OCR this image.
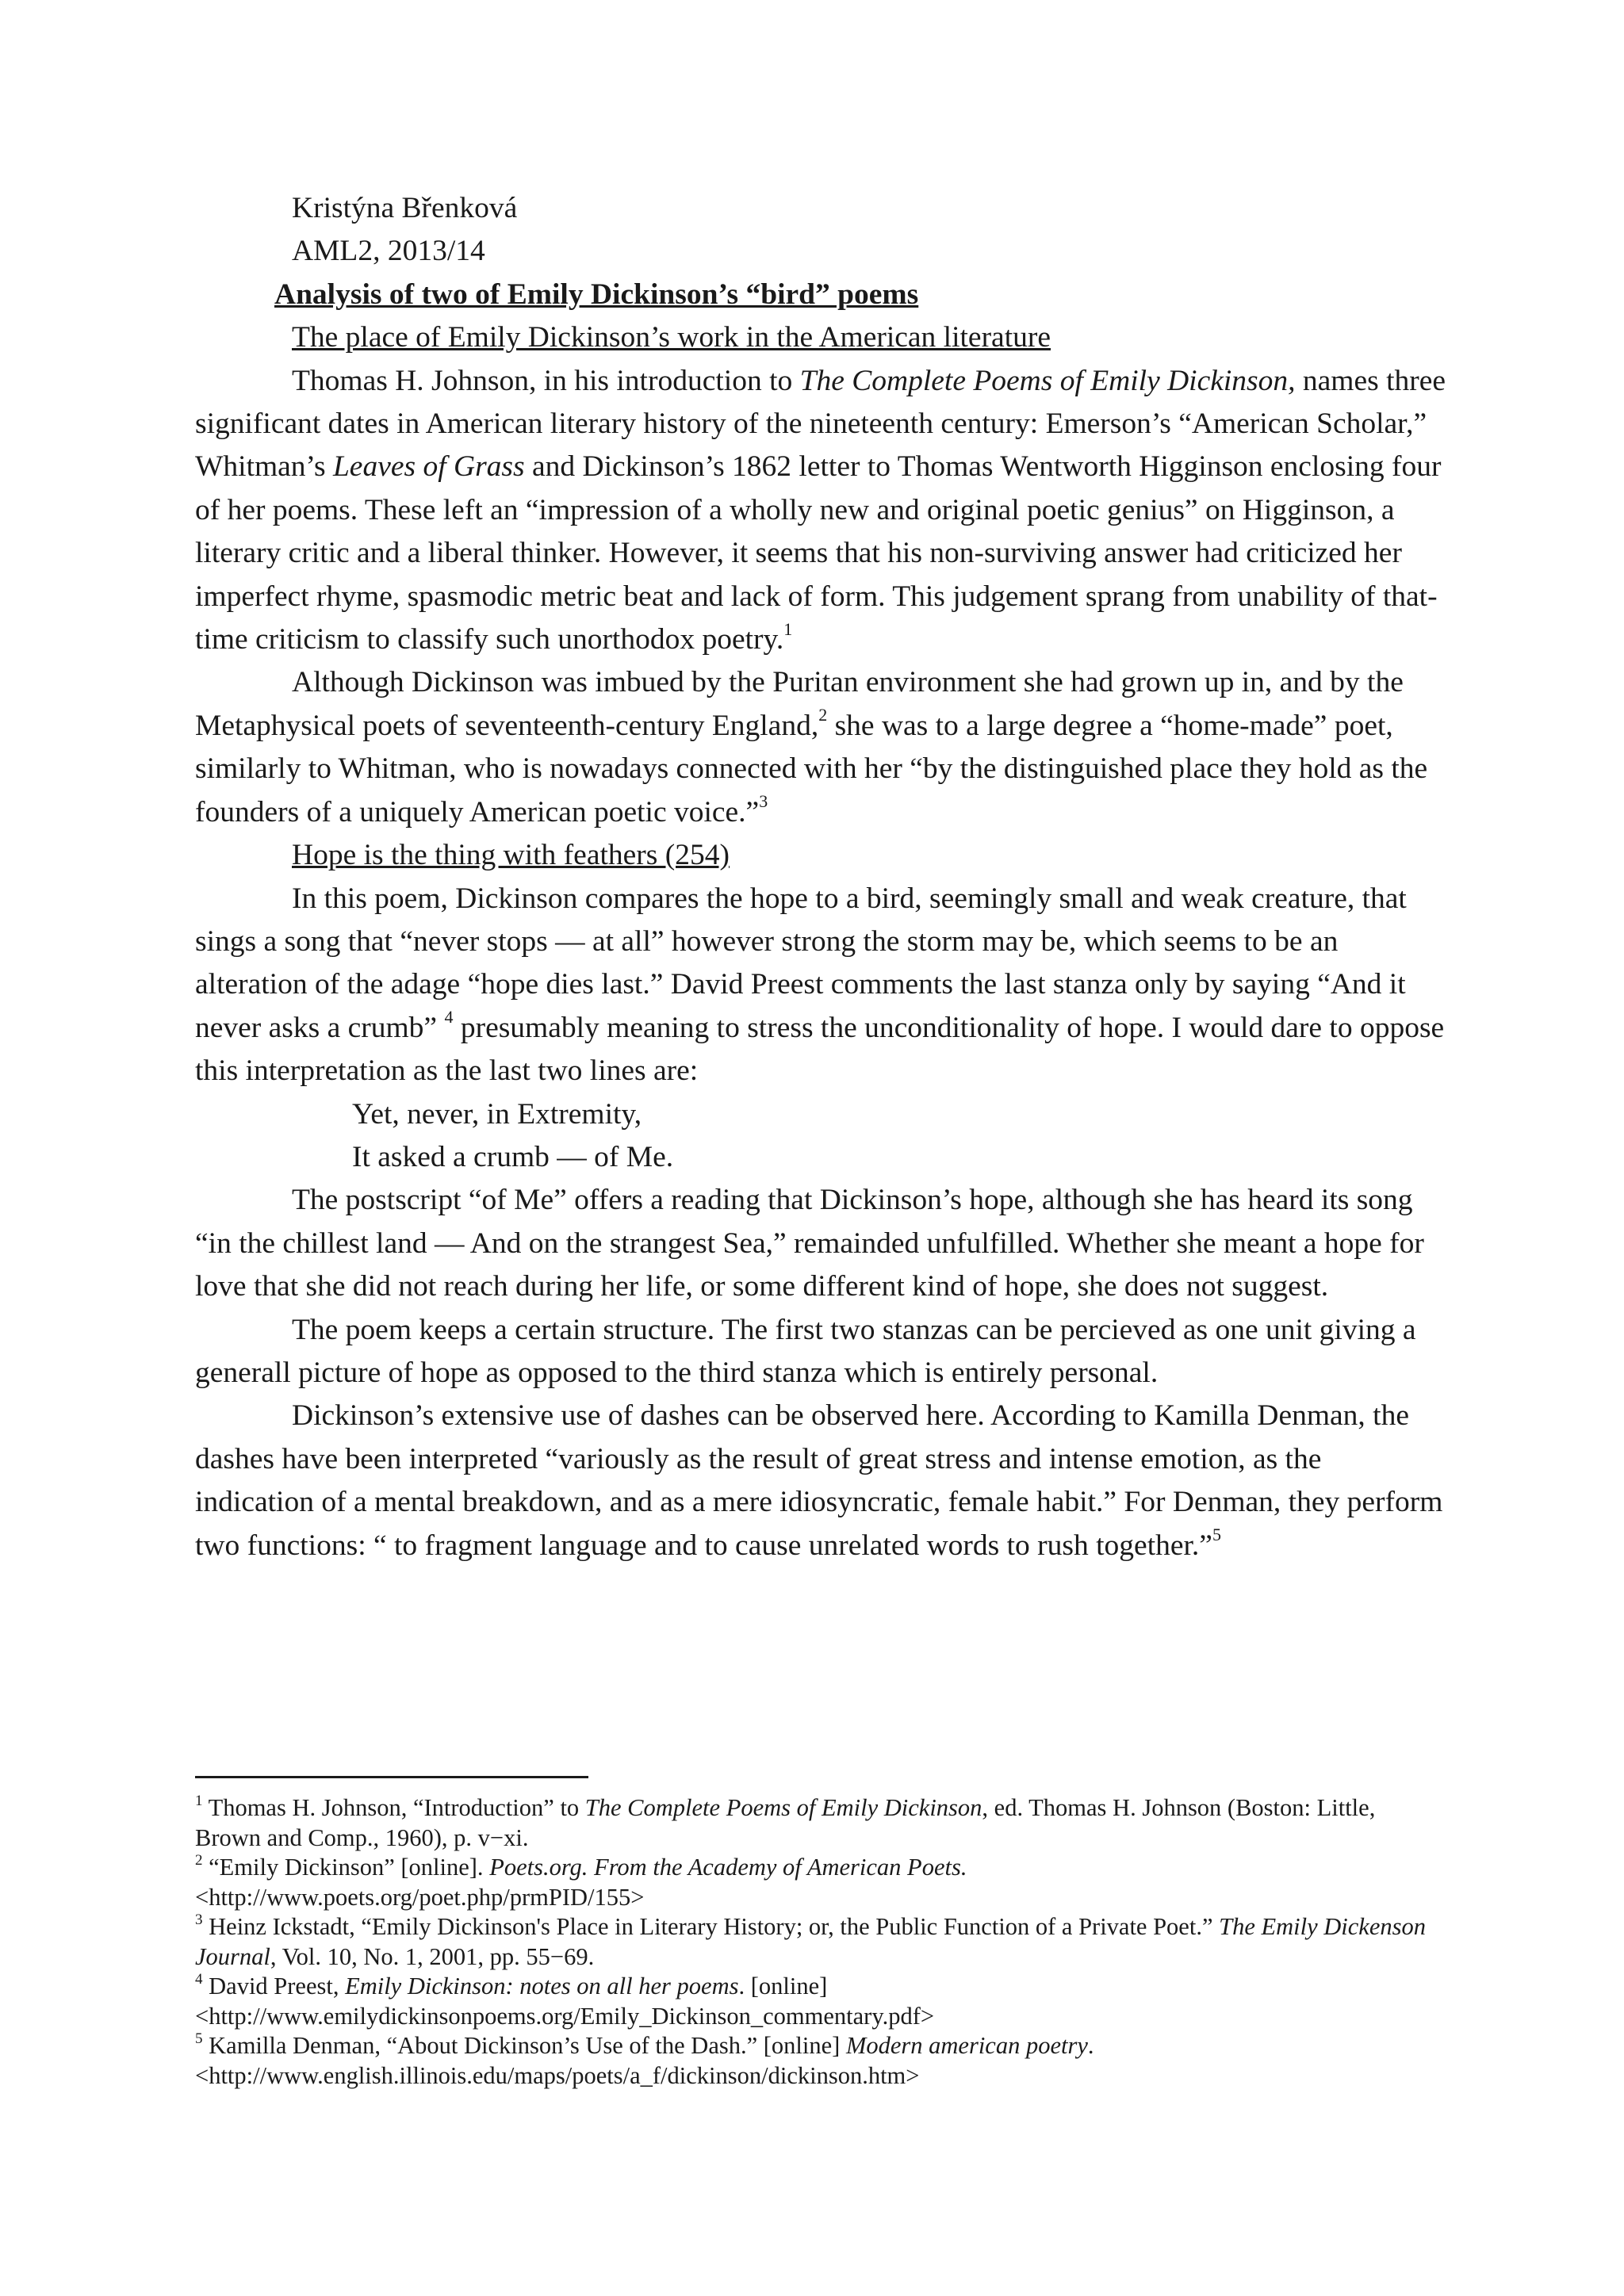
Kristýna Břenková

AML2, 2013/14

Analysis of two of Emily Dickinson’s “bird” poems

The place of Emily Dickinson’s work in the American literature

Thomas H. Johnson, in his introduction to The Complete Poems of Emily Dickinson, names three significant dates in American literary history of the nineteenth century: Emerson’s “American Scholar,” Whitman’s Leaves of Grass and Dickinson’s 1862 letter to Thomas Wentworth Higginson enclosing four of her poems. These left an “impression of a wholly new and original poetic genius” on Higginson, a literary critic and a liberal thinker. However, it seems that his non-surviving answer had criticized her imperfect rhyme, spasmodic metric beat and lack of form. This judgement sprang from unability of that-time criticism to classify such unorthodox poetry.$^1$

Although Dickinson was imbued by the Puritan environment she had grown up in, and by the Metaphysical poets of seventeenth-century England,$^2$ she was to a large degree a “home-made” poet, similarly to Whitman, who is nowadays connected with her “by the distinguished place they hold as the founders of a uniquely American poetic voice.”$^3$

Hope is the thing with feathers (254)

In this poem, Dickinson compares the hope to a bird, seemingly small and weak creature, that sings a song that “never stops — at all” however strong the storm may be, which seems to be an alteration of the adage “hope dies last.” David Preest comments the last stanza only by saying “And it never asks a crumb” $^4$ presumably meaning to stress the unconditionality of hope. I would dare to oppose this interpretation as the last two lines are:

Yet, never, in Extremity,

It asked a crumb — of Me.

The postscript “of Me” offers a reading that Dickinson’s hope, although she has heard its song “in the chillest land — And on the strangest Sea,” remainded unfulfilled. Whether she meant a hope for love that she did not reach during her life, or some different kind of hope, she does not suggest.

The poem keeps a certain structure. The first two stanzas can be percieved as one unit giving a generall picture of hope as opposed to the third stanza which is entirely personal.

Dickinson’s extensive use of dashes can be observed here. According to Kamilla Denman, the dashes have been interpreted “variously as the result of great stress and intense emotion, as the indication of a mental breakdown, and as a mere idiosyncratic, female habit.” For Denman, they perform two functions: “ to fragment language and to cause unrelated words to rush together.”$^5$

$^1$ Thomas H. Johnson, “Introduction” to The Complete Poems of Emily Dickinson, ed. Thomas H. Johnson (Boston: Little, Brown and Comp., 1960), p. v−xi.

$^2$ “Emily Dickinson” [online]. Poets.org. From the Academy of American Poets.
<http://www.poets.org/poet.php/prmPID/155>

$^3$ Heinz Ickstadt, “Emily Dickinson's Place in Literary History; or, the Public Function of a Private Poet.” The Emily Dickenson Journal, Vol. 10, No. 1, 2001, pp. 55−69.

$^4$ David Preest, Emily Dickinson: notes on all her poems. [online]
<http://www.emilydickinsonpoems.org/Emily_Dickinson_commentary.pdf>

$^5$ Kamilla Denman, “About Dickinson’s Use of the Dash.” [online] Modern american poetry.
<http://www.english.illinois.edu/maps/poets/a_f/dickinson/dickinson.htm>
